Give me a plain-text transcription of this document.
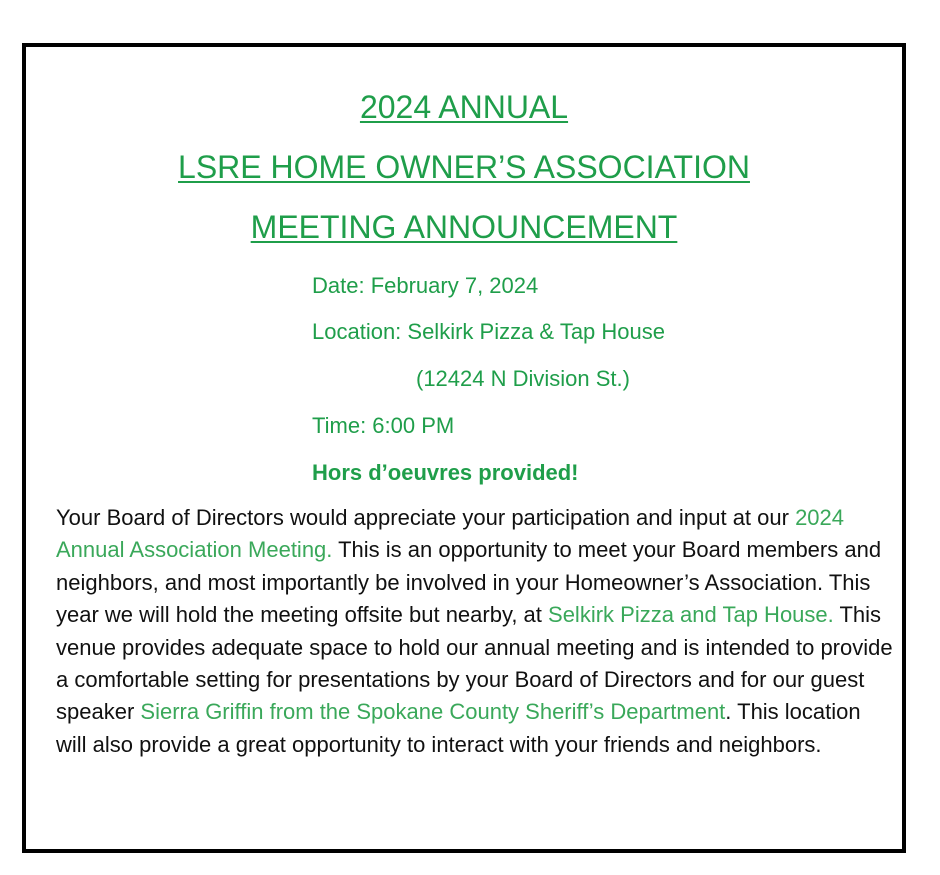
2024 ANNUAL
LSRE HOME OWNER’S ASSOCIATION
MEETING ANNOUNCEMENT
Date: February 7, 2024
Location: Selkirk Pizza & Tap House
(12424 N Division St.)
Time: 6:00 PM
Hors d’oeuvres provided!
Your Board of Directors would appreciate your participation and input at our 2024 Annual Association Meeting. This is an opportunity to meet your Board members and neighbors, and most importantly be involved in your Homeowner’s Association. This year we will hold the meeting offsite but nearby, at Selkirk Pizza and Tap House. This venue provides adequate space to hold our annual meeting and is intended to provide a comfortable setting for presentations by your Board of Directors and for our guest speaker Sierra Griffin from the Spokane County Sheriff’s Department. This location will also provide a great opportunity to interact with your friends and neighbors.
